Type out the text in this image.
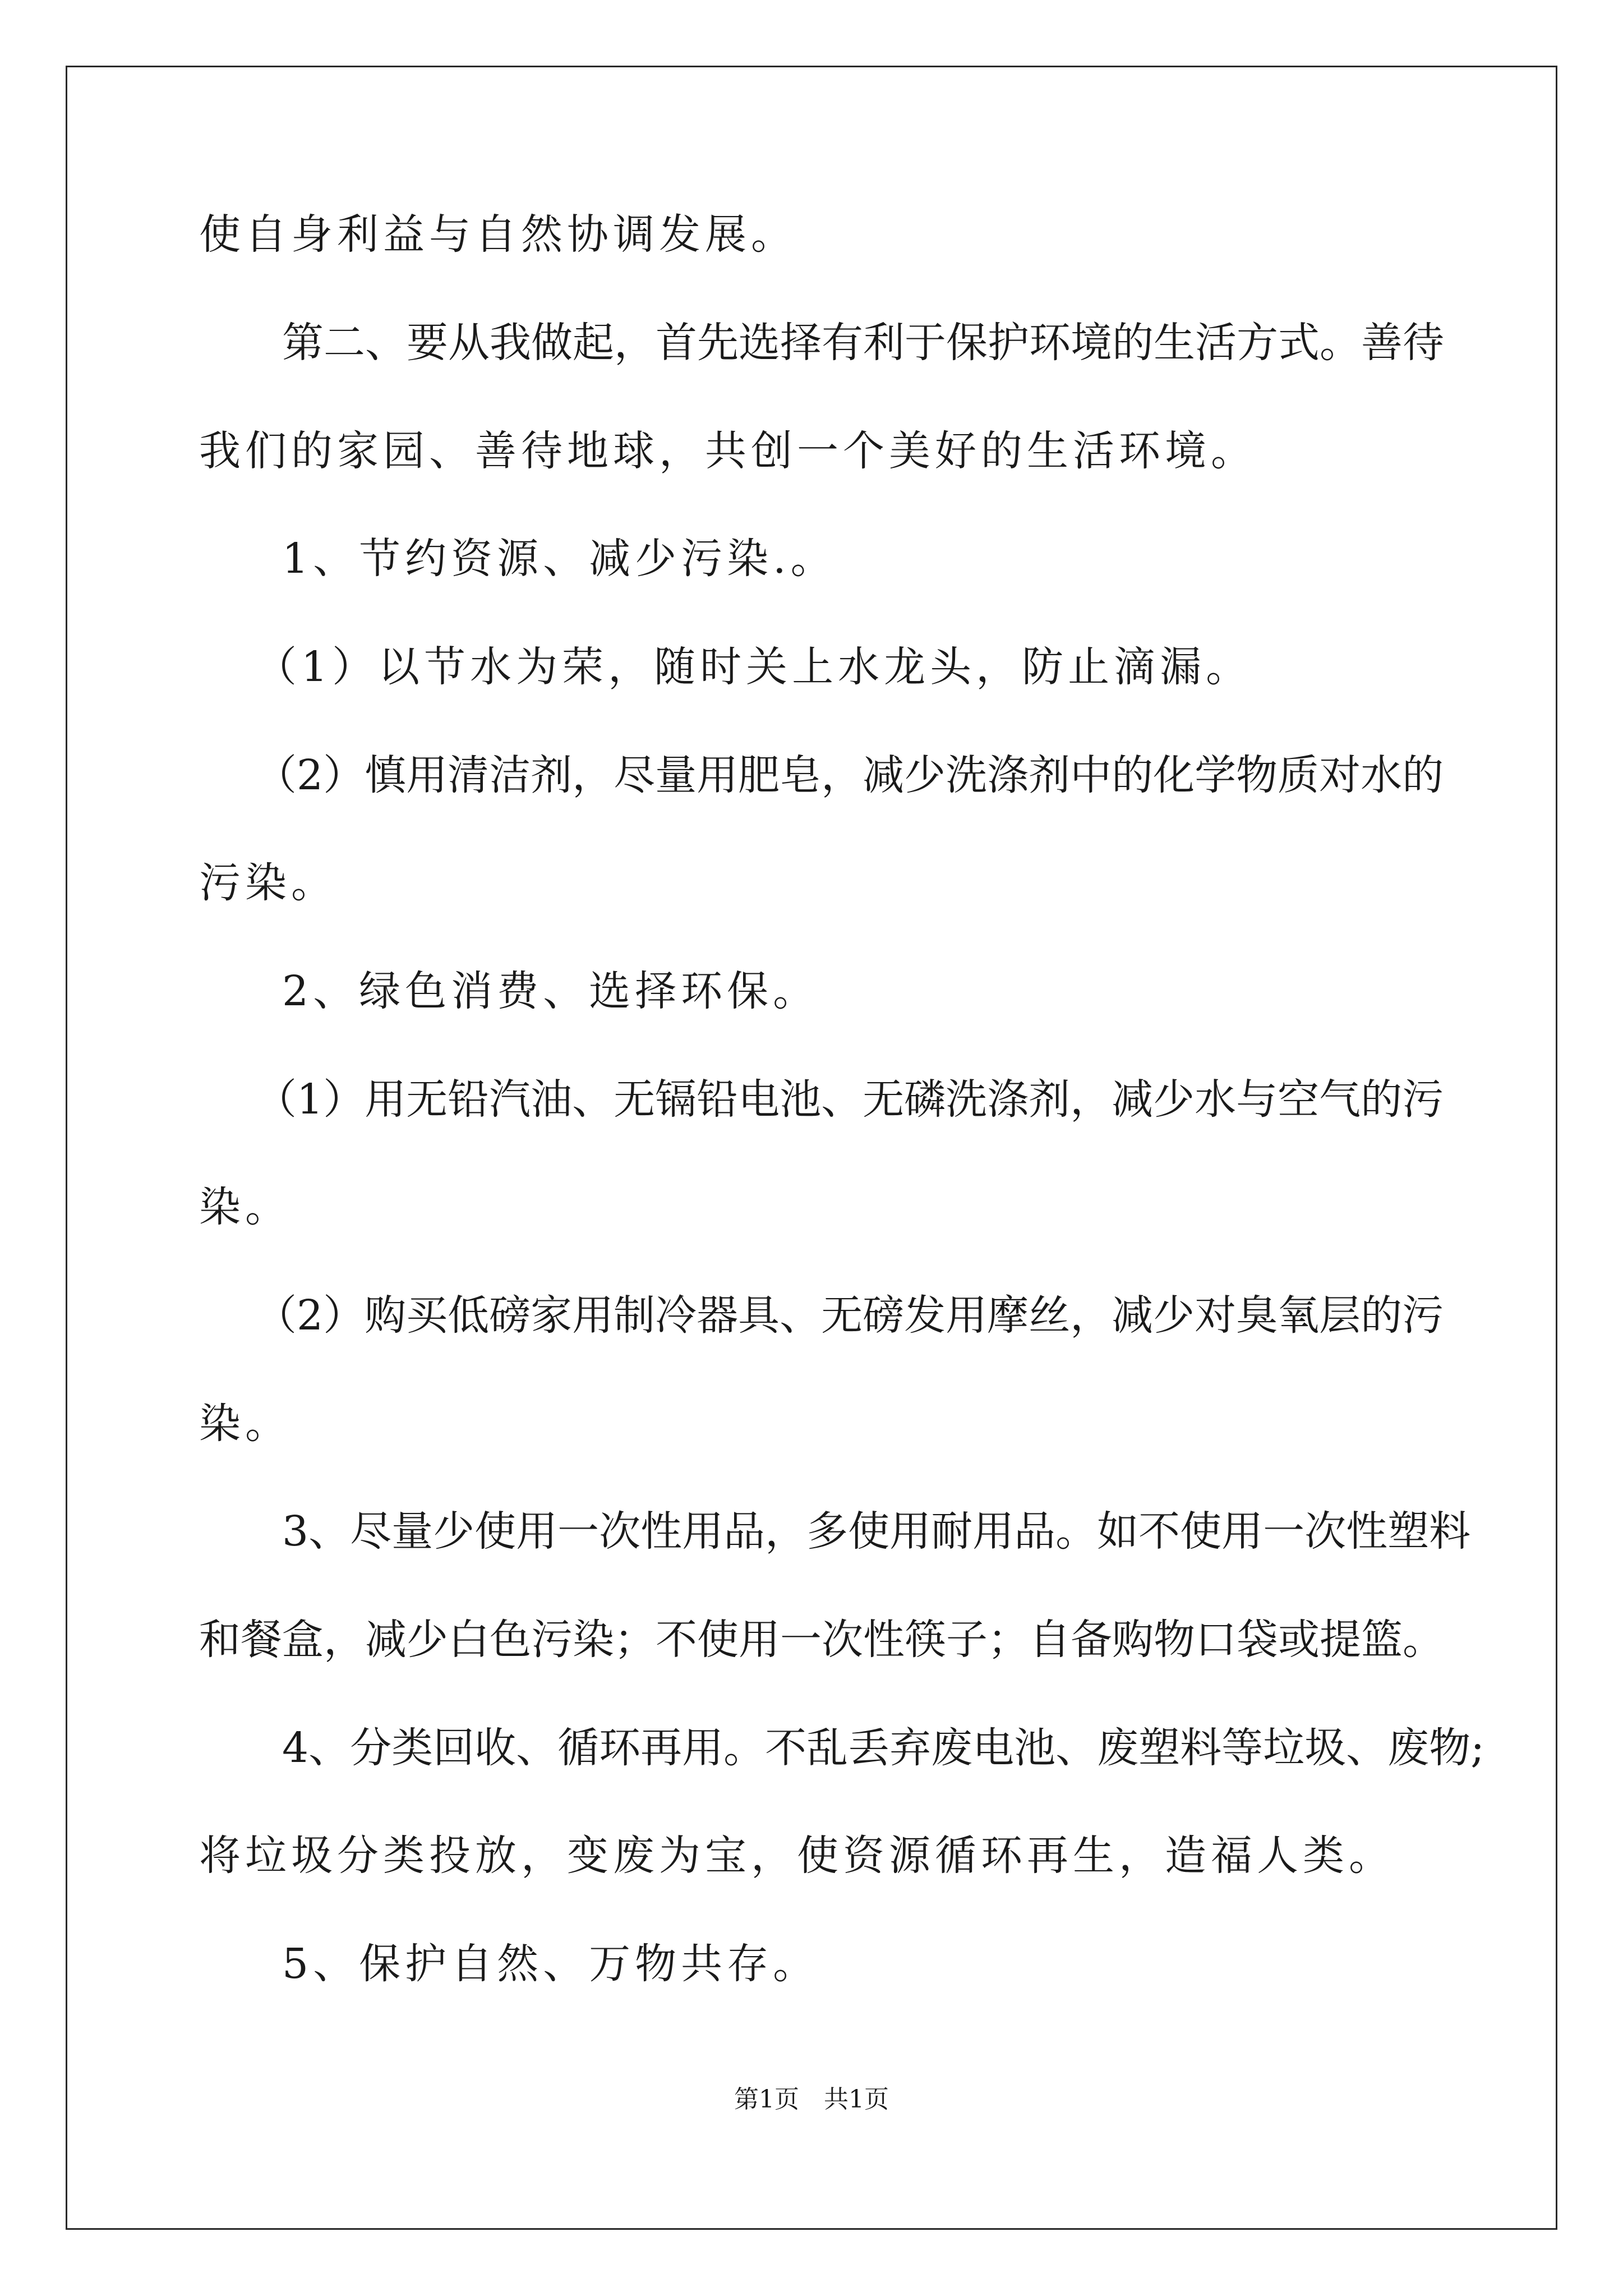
使自身利益与自然协调发展。
第二、要从我做起，首先选择有利于保护环境的生活方式。善待
我们的家园、善待地球，共创一个美好的生活环境。
1、节约资源、减少污染.。
（1）以节水为荣，随时关上水龙头，防止滴漏。
（2）慎用清洁剂，尽量用肥皂，减少洗涤剂中的化学物质对水的
污染。
2、绿色消费、选择环保。
（1）用无铅汽油、无镉铅电池、无磷洗涤剂，减少水与空气的污
染。
（2）购买低磅家用制冷器具、无磅发用摩丝，减少对臭氧层的污
染。
3、尽量少使用一次性用品，多使用耐用品。如不使用一次性塑料
和餐盒，减少白色污染；不使用一次性筷子；自备购物口袋或提篮。
4、分类回收、循环再用。不乱丢弃废电池、废塑料等垃圾、废物;
将垃圾分类投放，变废为宝，使资源循环再生，造福人类。
5、保护自然、万物共存。
第1页　共1页
